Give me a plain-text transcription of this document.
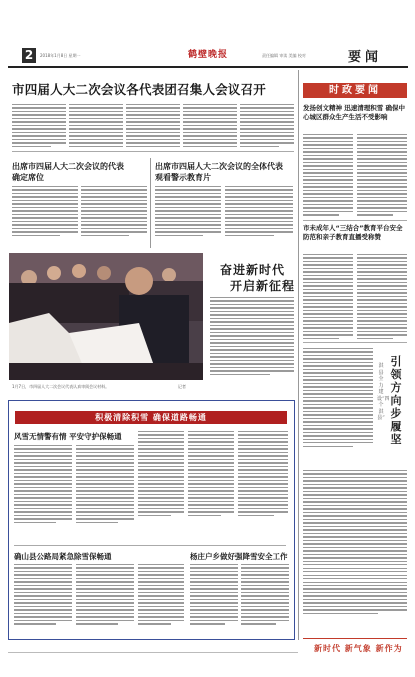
2	2018年1月8日 星期一	鹤壁晚报	责任编辑 审读 美编 校对	要闻
市四届人大二次会议各代表团召集人会议召开
出席市四届人大二次会议的代表
确定席位
出席市四届人大二次会议的全体代表
观看警示教育片
1月7日，市四届人大二次会议代表认真审阅会议材料。	记者
奋进新时代
开启新征程
积极清除积雪 确保道路畅通
风雪无情警有情 平安守护保畅通
确山县公路局紧急除雪保畅通	杨庄户乡做好强降雪安全工作
时政要闻
发扬创文精神 迅速清理积雪 确保中心城区群众生产生活不受影响
市未成年人“三结合”教育平台安全防范和亲子教育直播受称赞
引领方向 步履坚
淇县全力建设“四个淇县”
新时代 新气象 新作为
